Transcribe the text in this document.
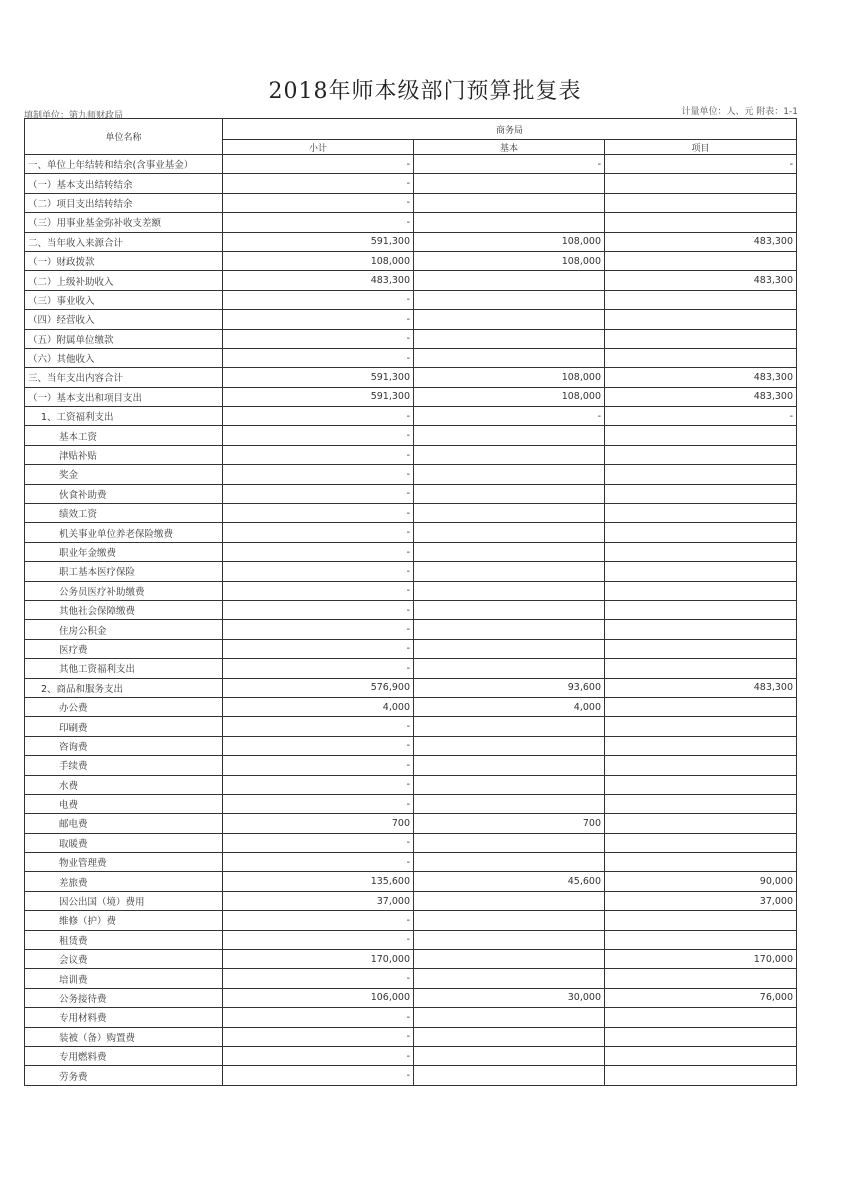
2018年师本级部门预算批复表
填制单位：第九师财政局	计量单位：人、元 附表：1-1
单位名称	商务局		
	小计	基本	项目
一、单位上年结转和结余(含事业基金）	-	-	-
（一）基本支出结转结余	-		
（二）项目支出结转结余	-		
（三）用事业基金弥补收支差额	-		
二、当年收入来源合计	591,300	108,000	483,300
（一）财政拨款	108,000	108,000	
（二）上级补助收入	483,300		483,300
（三）事业收入	-		
（四）经营收入	-		
（五）附属单位缴款	-		
（六）其他收入	-		
三、当年支出内容合计	591,300	108,000	483,300
（一）基本支出和项目支出	591,300	108,000	483,300
1、工资福利支出	-	-	-
基本工资	-		
津贴补贴	-		
奖金	-		
伙食补助费	-		
绩效工资	-		
机关事业单位养老保险缴费	-		
职业年金缴费	-		
职工基本医疗保险	-		
公务员医疗补助缴费	-		
其他社会保障缴费	-		
住房公积金	-		
医疗费	-		
其他工资福利支出	-		
2、商品和服务支出	576,900	93,600	483,300
办公费	4,000	4,000	
印刷费	-		
咨询费	-		
手续费	-		
水费	-		
电费	-		
邮电费	700	700	
取暖费	-		
物业管理费	-		
差旅费	135,600	45,600	90,000
因公出国（境）费用	37,000		37,000
维修（护）费	-		
租赁费	-		
会议费	170,000		170,000
培训费	-		
公务接待费	106,000	30,000	76,000
专用材料费	-		
装被（备）购置费	-		
专用燃料费	-		
劳务费	-		
